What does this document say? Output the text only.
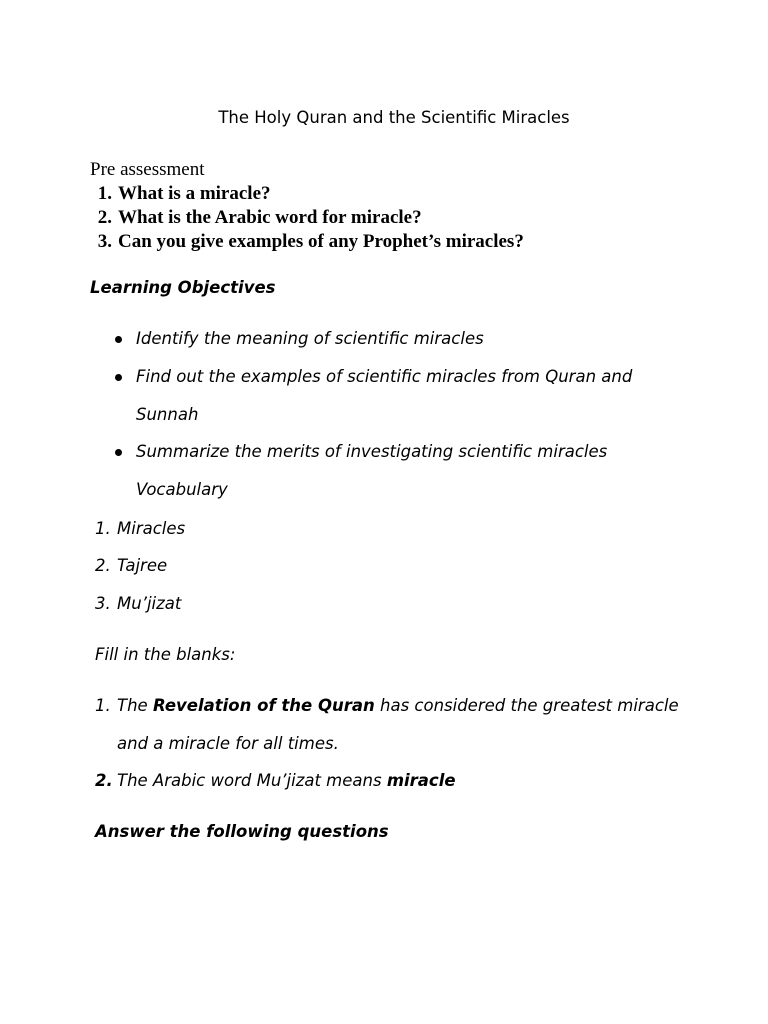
The Holy Quran and the Scientific Miracles
Pre assessment
1. What is a miracle?
2. What is the Arabic word for miracle?
3. Can you give examples of any Prophet’s miracles?
Learning Objectives
Identify the meaning of scientific miracles
Find out the examples of scientific miracles from Quran and
Sunnah
Summarize the merits of investigating scientific miracles
Vocabulary
1. Miracles
2. Tajree
3. Mu’jizat
Fill in the blanks:
1. The Revelation of the Quran has considered the greatest miracle
and a miracle for all times.
2. The Arabic word Mu’jizat means miracle
Answer the following questions
